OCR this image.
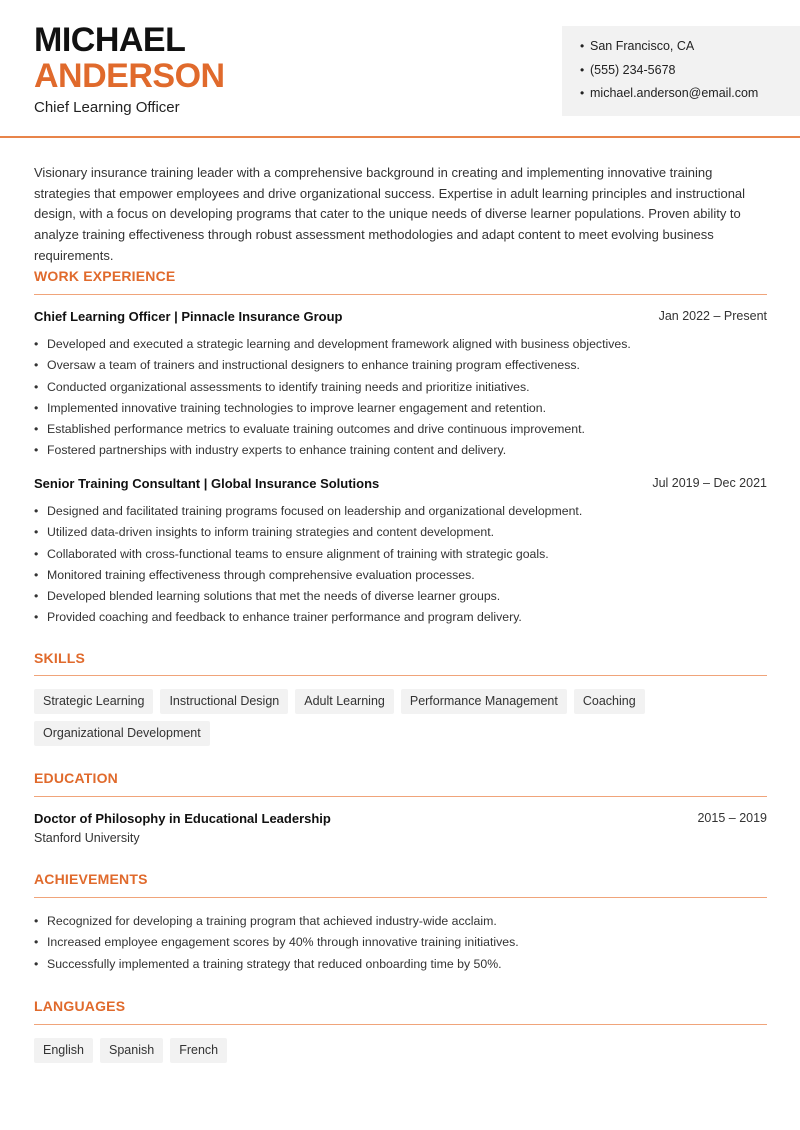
MICHAEL
ANDERSON
Chief Learning Officer
• San Francisco, CA
• (555) 234-5678
• michael.anderson@email.com
Visionary insurance training leader with a comprehensive background in creating and implementing innovative training strategies that empower employees and drive organizational success. Expertise in adult learning principles and instructional design, with a focus on developing programs that cater to the unique needs of diverse learner populations. Proven ability to analyze training effectiveness through robust assessment methodologies and adapt content to meet evolving business requirements.
WORK EXPERIENCE
Chief Learning Officer | Pinnacle Insurance Group	Jan 2022 – Present
• Developed and executed a strategic learning and development framework aligned with business objectives.
• Oversaw a team of trainers and instructional designers to enhance training program effectiveness.
• Conducted organizational assessments to identify training needs and prioritize initiatives.
• Implemented innovative training technologies to improve learner engagement and retention.
• Established performance metrics to evaluate training outcomes and drive continuous improvement.
• Fostered partnerships with industry experts to enhance training content and delivery.
Senior Training Consultant | Global Insurance Solutions	Jul 2019 – Dec 2021
• Designed and facilitated training programs focused on leadership and organizational development.
• Utilized data-driven insights to inform training strategies and content development.
• Collaborated with cross-functional teams to ensure alignment of training with strategic goals.
• Monitored training effectiveness through comprehensive evaluation processes.
• Developed blended learning solutions that met the needs of diverse learner groups.
• Provided coaching and feedback to enhance trainer performance and program delivery.
SKILLS
Strategic Learning	Instructional Design	Adult Learning	Performance Management	Coaching
Organizational Development
EDUCATION
Doctor of Philosophy in Educational Leadership	2015 – 2019
Stanford University
ACHIEVEMENTS
• Recognized for developing a training program that achieved industry-wide acclaim.
• Increased employee engagement scores by 40% through innovative training initiatives.
• Successfully implemented a training strategy that reduced onboarding time by 50%.
LANGUAGES
English	Spanish	French
